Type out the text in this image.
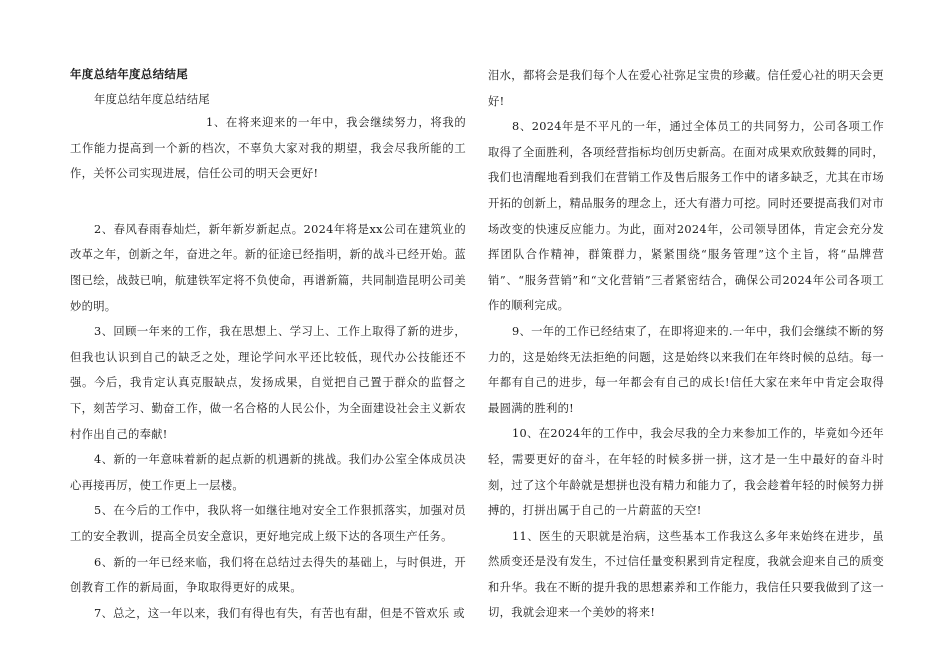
年度总结年度总结结尾
年度总结年度总结结尾

1、在将来迎来的一年中，我会继续努力，将我的工作能力提高到一个新的档次，不辜负大家对我的期望，我会尽我所能的工作，关怀公司实现进展，信任公司的明天会更好!

2、春风春雨春灿烂，新年新岁新起点。2024年将是xx公司在建筑业的改革之年，创新之年，奋进之年。新的征途已经指明，新的战斗已经开始。蓝图已绘，战鼓已响，航建铁军定将不负使命，再谱新篇，共同制造昆明公司美妙的明。

3、回顾一年来的工作，我在思想上、学习上、工作上取得了新的进步，但我也认识到自己的缺乏之处，理论学问水平还比较低，现代办公技能还不强。今后，我肯定认真克服缺点，发扬成果，自觉把自己置于群众的监督之下，刻苦学习、勤奋工作，做一名合格的人民公仆，为全面建设社会主义新农村作出自己的奉献!

4、新的一年意味着新的起点新的机遇新的挑战。我们办公室全体成员决心再接再厉，使工作更上一层楼。

5、在今后的工作中，我队将一如继往地对安全工作狠抓落实，加强对员工的安全教训，提高全员安全意识，更好地完成上级下达的各项生产任务。

6、新的一年已经来临，我们将在总结过去得失的基础上，与时俱进，开创教育工作的新局面，争取取得更好的成果。

7、总之，这一年以来，我们有得也有失，有苦也有甜，但是不管欢乐 或

泪水，都将会是我们每个人在爱心社弥足宝贵的珍藏。信任爱心社的明天会更好!

8、2024年是不平凡的一年，通过全体员工的共同努力，公司各项工作取得了全面胜利，各项经营指标均创历史新高。在面对成果欢欣鼓舞的同时，我们也清醒地看到我们在营销工作及售后服务工作中的诸多缺乏，尤其在市场开拓的创新上，精品服务的理念上，还大有潜力可挖。同时还要提高我们对市场改变的快速反应能力。为此，面对2024年，公司领导团体，肯定会充分发挥团队合作精神，群策群力，紧紧围绕“服务管理”这个主旨，将“品牌营销”、“服务营销”和“文化营销”三者紧密结合，确保公司2024年公司各项工作的顺利完成。

9、一年的工作已经结束了，在即将迎来的.一年中，我们会继续不断的努力的，这是始终无法拒绝的问题，这是始终以来我们在年终时候的总结。每一年都有自己的进步，每一年都会有自己的成长!信任大家在来年中肯定会取得最圆满的胜利的!

10、在2024年的工作中，我会尽我的全力来参加工作的，毕竟如今还年轻，需要更好的奋斗，在年轻的时候多拼一拼，这才是一生中最好的奋斗时刻，过了这个年龄就是想拼也没有精力和能力了，我会趁着年轻的时候努力拼搏的，打拼出属于自己的一片蔚蓝的天空!

11、医生的天职就是治病，这些基本工作我这么多年来始终在进步，虽然质变还是没有发生，不过信任量变积累到肯定程度，我就会迎来自己的质变和升华。我在不断的提升我的思想素养和工作能力，我信任只要我做到了这一切，我就会迎来一个美妙的将来!
